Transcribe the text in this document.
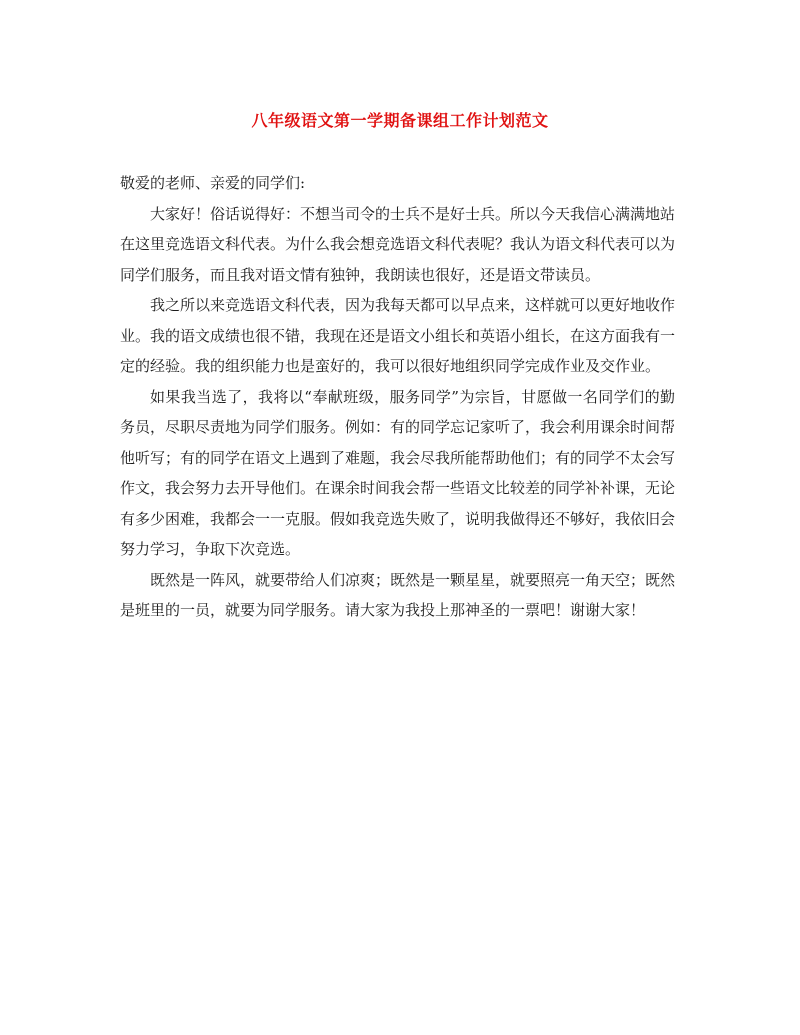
八年级语文第一学期备课组工作计划范文

敬爱的老师、亲爱的同学们:

大家好！俗话说得好：不想当司令的士兵不是好士兵。所以今天我信心满满地站在这里竞选语文科代表。为什么我会想竞选语文科代表呢？我认为语文科代表可以为同学们服务，而且我对语文情有独钟，我朗读也很好，还是语文带读员。

我之所以来竞选语文科代表，因为我每天都可以早点来，这样就可以更好地收作业。我的语文成绩也很不错，我现在还是语文小组长和英语小组长，在这方面我有一定的经验。我的组织能力也是蛮好的，我可以很好地组织同学完成作业及交作业。

如果我当选了，我将以“奉献班级，服务同学”为宗旨，甘愿做一名同学们的勤务员，尽职尽责地为同学们服务。例如：有的同学忘记家听了，我会利用课余时间帮他听写；有的同学在语文上遇到了难题，我会尽我所能帮助他们；有的同学不太会写作文，我会努力去开导他们。在课余时间我会帮一些语文比较差的同学补补课，无论有多少困难，我都会一一克服。假如我竞选失败了，说明我做得还不够好，我依旧会努力学习，争取下次竞选。

既然是一阵风，就要带给人们凉爽；既然是一颗星星，就要照亮一角天空；既然是班里的一员，就要为同学服务。请大家为我投上那神圣的一票吧！谢谢大家！
